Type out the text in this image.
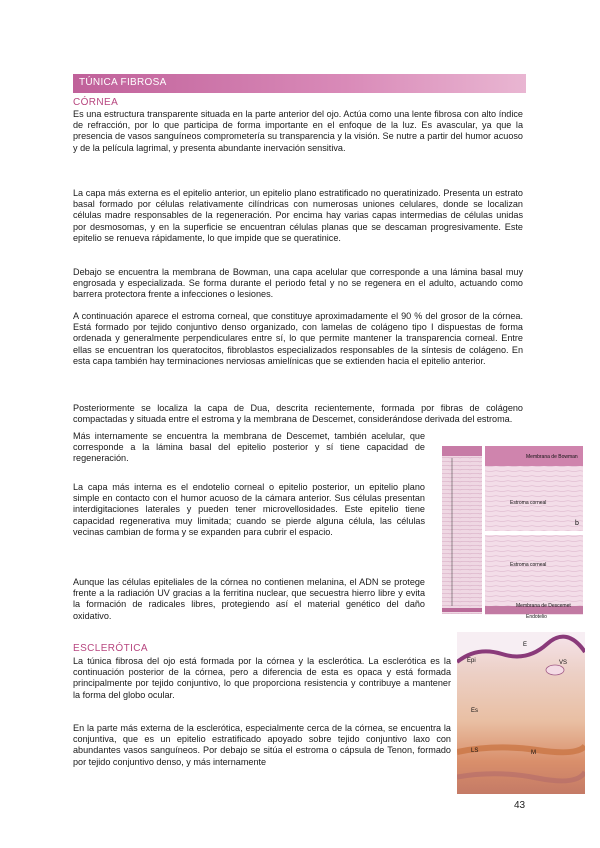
TÚNICA FIBROSA
CÓRNEA

Es una estructura transparente situada en la parte anterior del ojo. Actúa como una lente fibrosa con alto índice de refracción, por lo que participa de forma importante en el enfoque de la luz. Es avascular, ya que la presencia de vasos sanguíneos comprometería su transparencia y la visión. Se nutre a partir del humor acuoso y de la película lagrimal, y presenta abundante inervación sensitiva.

La capa más externa es el epitelio anterior, un epitelio plano estratificado no queratinizado. Presenta un estrato basal formado por células relativamente cilíndricas con numerosas uniones celulares, donde se localizan células madre responsables de la regeneración. Por encima hay varias capas intermedias de células unidas por desmosomas, y en la superficie se encuentran células planas que se descaman progresivamente. Este epitelio se renueva rápidamente, lo que impide que se queratinice.

Debajo se encuentra la membrana de Bowman, una capa acelular que corresponde a una lámina basal muy engrosada y especializada. Se forma durante el periodo fetal y no se regenera en el adulto, actuando como barrera protectora frente a infecciones o lesiones.

A continuación aparece el estroma corneal, que constituye aproximadamente el 90 % del grosor de la córnea. Está formado por tejido conjuntivo denso organizado, con lamelas de colágeno tipo I dispuestas de forma ordenada y generalmente perpendiculares entre sí, lo que permite mantener la transparencia corneal. Entre ellas se encuentran los queratocitos, fibroblastos especializados responsables de la síntesis de colágeno. En esta capa también hay terminaciones nerviosas amielínicas que se extienden hacia el epitelio anterior.

Posteriormente se localiza la capa de Dua, descrita recientemente, formada por fibras de colágeno compactadas y situada entre el estroma y la membrana de Descemet, considerándose derivada del estroma.

Más internamente se encuentra la membrana de Descemet, también acelular, que corresponde a la lámina basal del epitelio posterior y sí tiene capacidad de regeneración.

La capa más interna es el endotelio corneal o epitelio posterior, un epitelio plano simple en contacto con el humor acuoso de la cámara anterior. Sus células presentan interdigitaciones laterales y pueden tener microvellosidades. Este epitelio tiene capacidad regenerativa muy limitada; cuando se pierde alguna célula, las células vecinas cambian de forma y se expanden para cubrir el espacio.

Aunque las células epiteliales de la córnea no contienen melanina, el ADN se protege frente a la radiación UV gracias a la ferritina nuclear, que secuestra hierro libre y evita la formación de radicales libres, protegiendo así el material genético del daño oxidativo.

Membrana de Bowman
Estroma corneal
b
Estroma corneal
Membrana de Descemet
Endotelio
ESCLERÓTICA

La túnica fibrosa del ojo está formada por la córnea y la esclerótica. La esclerótica es la continuación posterior de la córnea, pero a diferencia de esta es opaca y está formada principalmente por tejido conjuntivo, lo que proporciona resistencia y contribuye a mantener la forma del globo ocular.

En la parte más externa de la esclerótica, especialmente cerca de la córnea, se encuentra la conjuntiva, que es un epitelio estratificado apoyado sobre tejido conjuntivo laxo con abundantes vasos sanguíneos. Por debajo se sitúa el estroma o cápsula de Tenon, formado por tejido conjuntivo denso, y más internamente

E
Epi	VS
Es
LS	M
43
